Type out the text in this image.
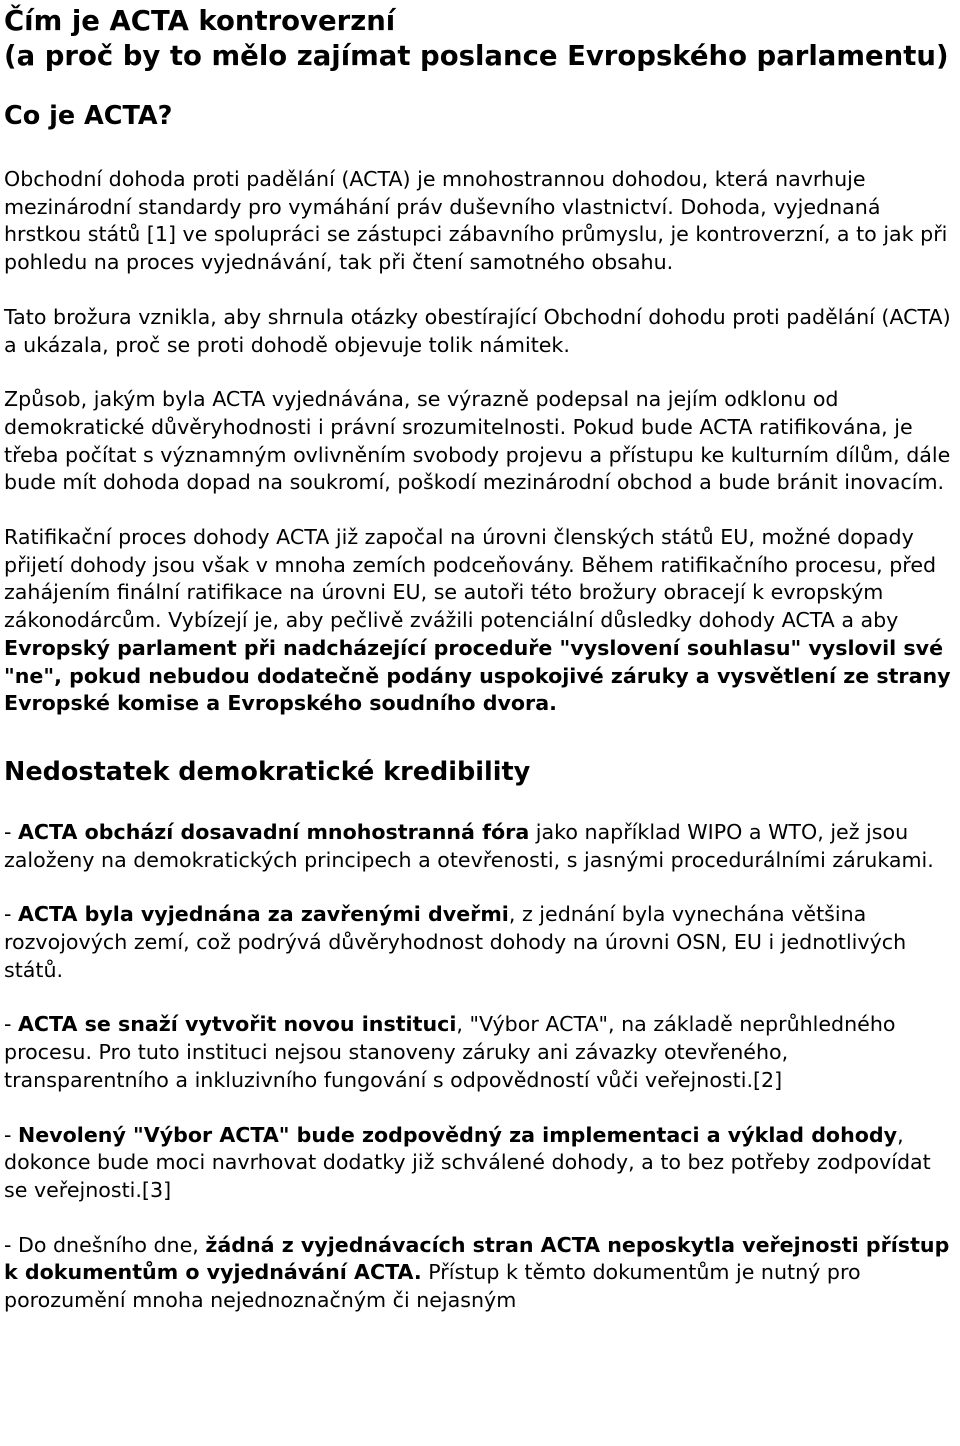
Čím je ACTA kontroverzní
(a proč by to mělo zajímat poslance Evropského parlamentu)
Co je ACTA?

Obchodní dohoda proti padělání (ACTA) je mnohostrannou dohodou, která navrhuje mezinárodní standardy pro vymáhání práv duševního vlastnictví. Dohoda, vyjednaná hrstkou států [1] ve spolupráci se zástupci zábavního průmyslu, je kontroverzní, a to jak při pohledu na proces vyjednávání, tak při čtení samotného obsahu.

Tato brožura vznikla, aby shrnula otázky obestírající Obchodní dohodu proti padělání (ACTA) a ukázala, proč se proti dohodě objevuje tolik námitek.

Způsob, jakým byla ACTA vyjednávána, se výrazně podepsal na jejím odklonu od demokratické důvěryhodnosti i právní srozumitelnosti. Pokud bude ACTA ratifikována, je třeba počítat s významným ovlivněním svobody projevu a přístupu ke kulturním dílům, dále bude mít dohoda dopad na soukromí, poškodí mezinárodní obchod a bude bránit inovacím.

Ratifikační proces dohody ACTA již započal na úrovni členských států EU, možné dopady přijetí dohody jsou však v mnoha zemích podceňovány. Během ratifikačního procesu, před zahájením finální ratifikace na úrovni EU, se autoři této brožury obracejí k evropským zákonodárcům. Vybízejí je, aby pečlivě zvážili potenciální důsledky dohody ACTA a aby Evropský parlament při nadcházející proceduře "vyslovení souhlasu" vyslovil své "ne", pokud nebudou dodatečně podány uspokojivé záruky a vysvětlení ze strany Evropské komise a Evropského soudního dvora.

Nedostatek demokratické kredibility

- ACTA obchází dosavadní mnohostranná fóra jako například WIPO a WTO, jež jsou založeny na demokratických principech a otevřenosti, s jasnými procedurálními zárukami.

- ACTA byla vyjednána za zavřenými dveřmi, z jednání byla vynechána většina rozvojových zemí, což podrývá důvěryhodnost dohody na úrovni OSN, EU i jednotlivých států.

- ACTA se snaží vytvořit novou instituci, "Výbor ACTA", na základě neprůhledného procesu. Pro tuto instituci nejsou stanoveny záruky ani závazky otevřeného, transparentního a inkluzivního fungování s odpovědností vůči veřejnosti.[2]

- Nevolený "Výbor ACTA" bude zodpovědný za implementaci a výklad dohody, dokonce bude moci navrhovat dodatky již schválené dohody, a to bez potřeby zodpovídat se veřejnosti.[3]

- Do dnešního dne, žádná z vyjednávacích stran ACTA neposkytla veřejnosti přístup k dokumentům o vyjednávání ACTA. Přístup k těmto dokumentům je nutný pro porozumění mnoha nejednoznačným či nejasným
